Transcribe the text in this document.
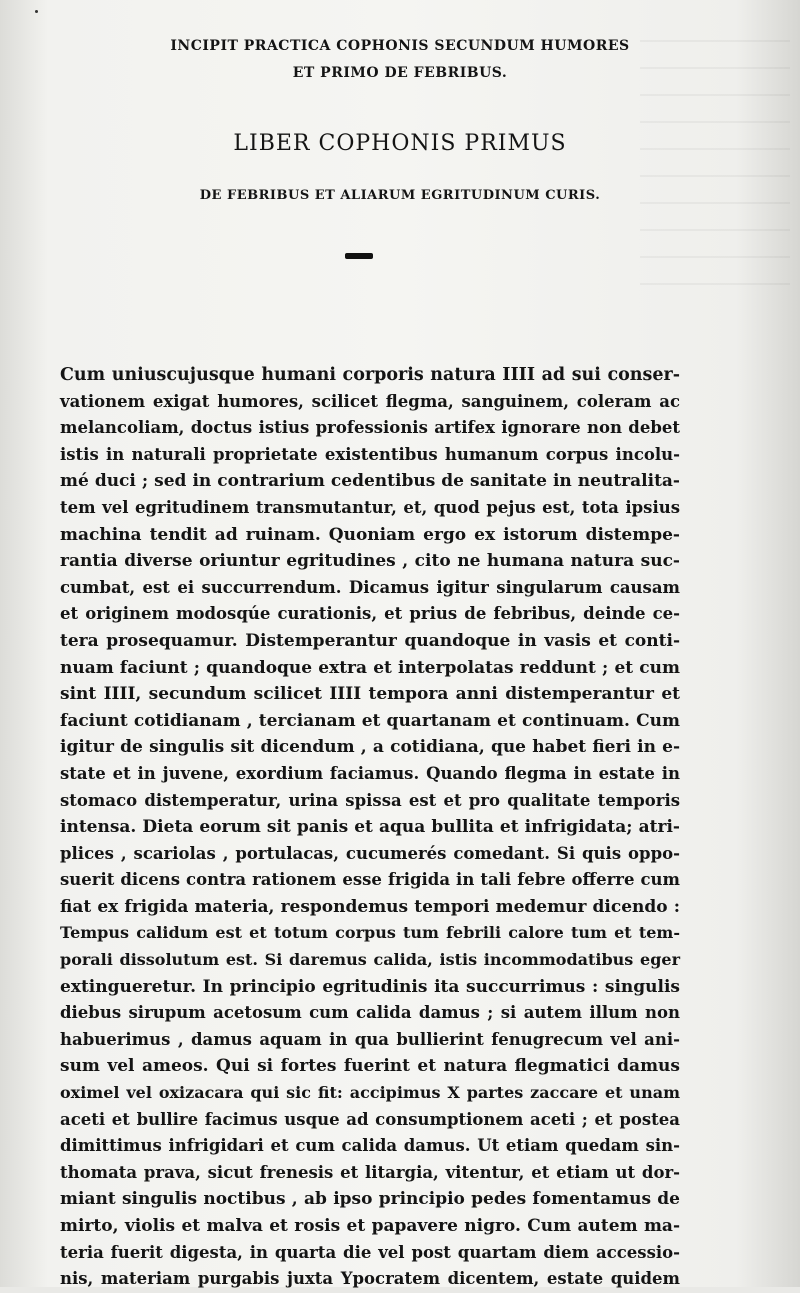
INCIPIT PRACTICA COPHONIS SECUNDUM HUMORES
ET PRIMO DE FEBRIBUS.
LIBER COPHONIS PRIMUS
DE FEBRIBUS ET ALIARUM EGRITUDINUM CURIS.
Cum uniuscujusque humani corporis natura IIII ad sui conser-
vationem exigat humores, scilicet flegma, sanguinem, coleram ac
melancoliam, doctus istius professionis artifex ignorare non debet
istis in naturali proprietate existentibus humanum corpus incolu-
mé duci ; sed in contrarium cedentibus de sanitate in neutralita-
tem vel egritudinem transmutantur, et, quod pejus est, tota ipsius
machina tendit ad ruinam. Quoniam ergo ex istorum distempe-
rantia diverse oriuntur egritudines , cito ne humana natura suc-
cumbat, est ei succurrendum. Dicamus igitur singularum causam
et originem modosqúe curationis, et prius de febribus, deinde ce-
tera prosequamur. Distemperantur quandoque in vasis et conti-
nuam faciunt ; quandoque extra et interpolatas reddunt ; et cum
sint IIII, secundum scilicet IIII tempora anni distemperantur et
faciunt cotidianam , tercianam et quartanam et continuam. Cum
igitur de singulis sit dicendum , a cotidiana, que habet fieri in e-
state et in juvene, exordium faciamus. Quando flegma in estate in
stomaco distemperatur, urina spissa est et pro qualitate temporis
intensa. Dieta eorum sit panis et aqua bullita et infrigidata; atri-
plices , scariolas , portulacas, cucumerés comedant. Si quis oppo-
suerit dicens contra rationem esse frigida in tali febre offerre cum
fiat ex frigida materia, respondemus tempori medemur dicendo :
Tempus calidum est et totum corpus tum febrili calore tum et tem-
porali dissolutum est. Si daremus calida, istis incommodatibus eger
extingueretur. In principio egritudinis ita succurrimus : singulis
diebus sirupum acetosum cum calida damus ; si autem illum non
habuerimus , damus aquam in qua bullierint fenugrecum vel ani-
sum vel ameos. Qui si fortes fuerint et natura flegmatici damus
oximel vel oxizacara qui sic fit: accipimus X partes zaccare et unam
aceti et bullire facimus usque ad consumptionem aceti ; et postea
dimittimus infrigidari et cum calida damus. Ut etiam quedam sin-
thomata prava, sicut frenesis et litargia, vitentur, et etiam ut dor-
miant singulis noctibus , ab ipso principio pedes fomentamus de
mirto, violis et malva et rosis et papavere nigro. Cum autem ma-
teria fuerit digesta, in quarta die vel post quartam diem accessio-
nis, materiam purgabis juxta Ypocratem dicentem, estate quidem
